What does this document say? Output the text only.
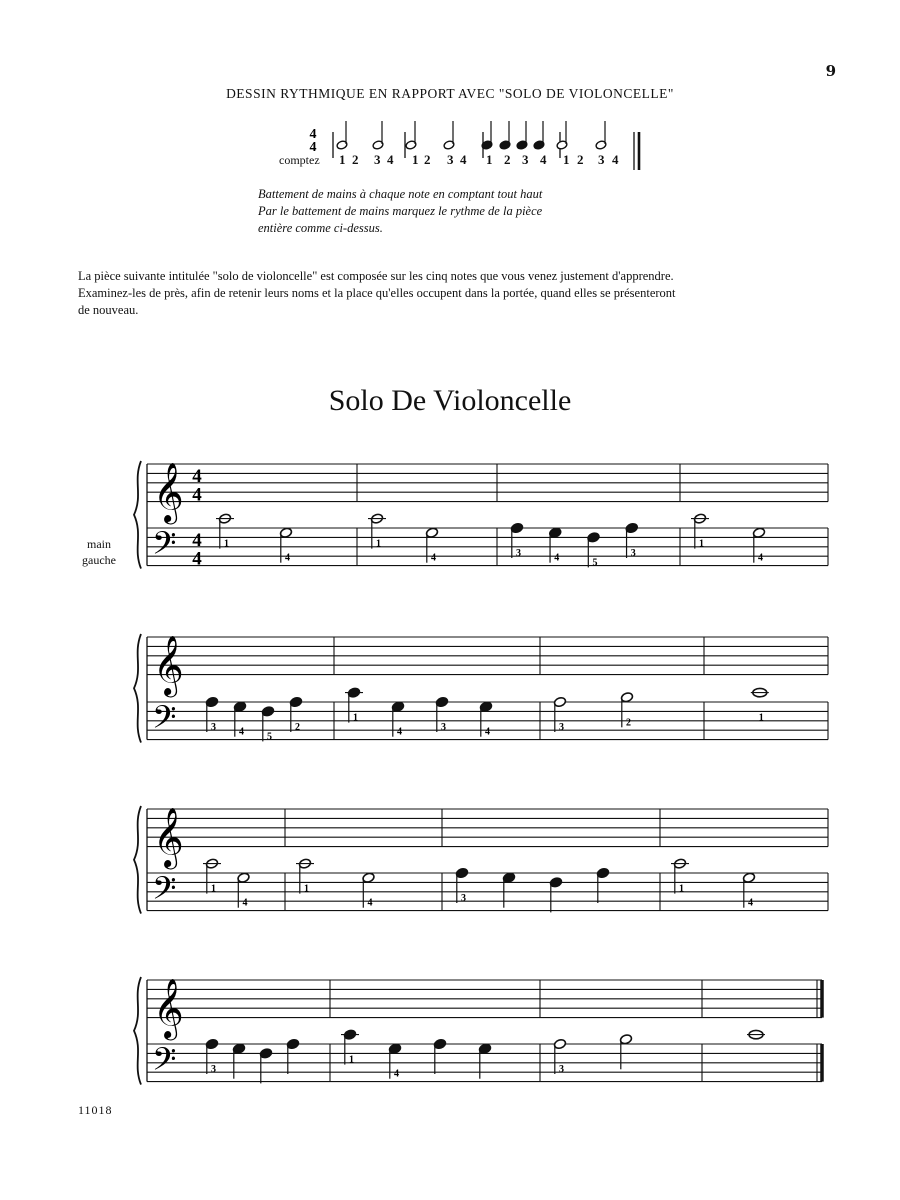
9
DESSIN RYTHMIQUE EN RAPPORT AVEC "SOLO DE VIOLONCELLE"
4
4
comptez 1 2 3 4 1 2 3 4 1 2 3 4 1 2 3 4
Battement de mains à chaque note en comptant tout haut
Par le battement de mains marquez le rythme de la pièce
entière comme ci-dessus.
La pièce suivante intitulée "solo de violoncelle" est composée sur les cinq notes que vous venez justement d'apprendre.
Examinez-les de près, afin de retenir leurs noms et la place qu'elles occupent dans la portée, quand elles se présenteront
de nouveau.
Solo De Violoncelle
main
gauche
𝄞
𝄢
4
4
4
4
1
4
1
4	3	4	5
3
1
4
𝄞
𝄢	3 4 5
2
1
4	3	4	3	2	1
𝄞
𝄢	1
4
1
4	3
1
4
𝄞
𝄢	3
1
4	3
11018
